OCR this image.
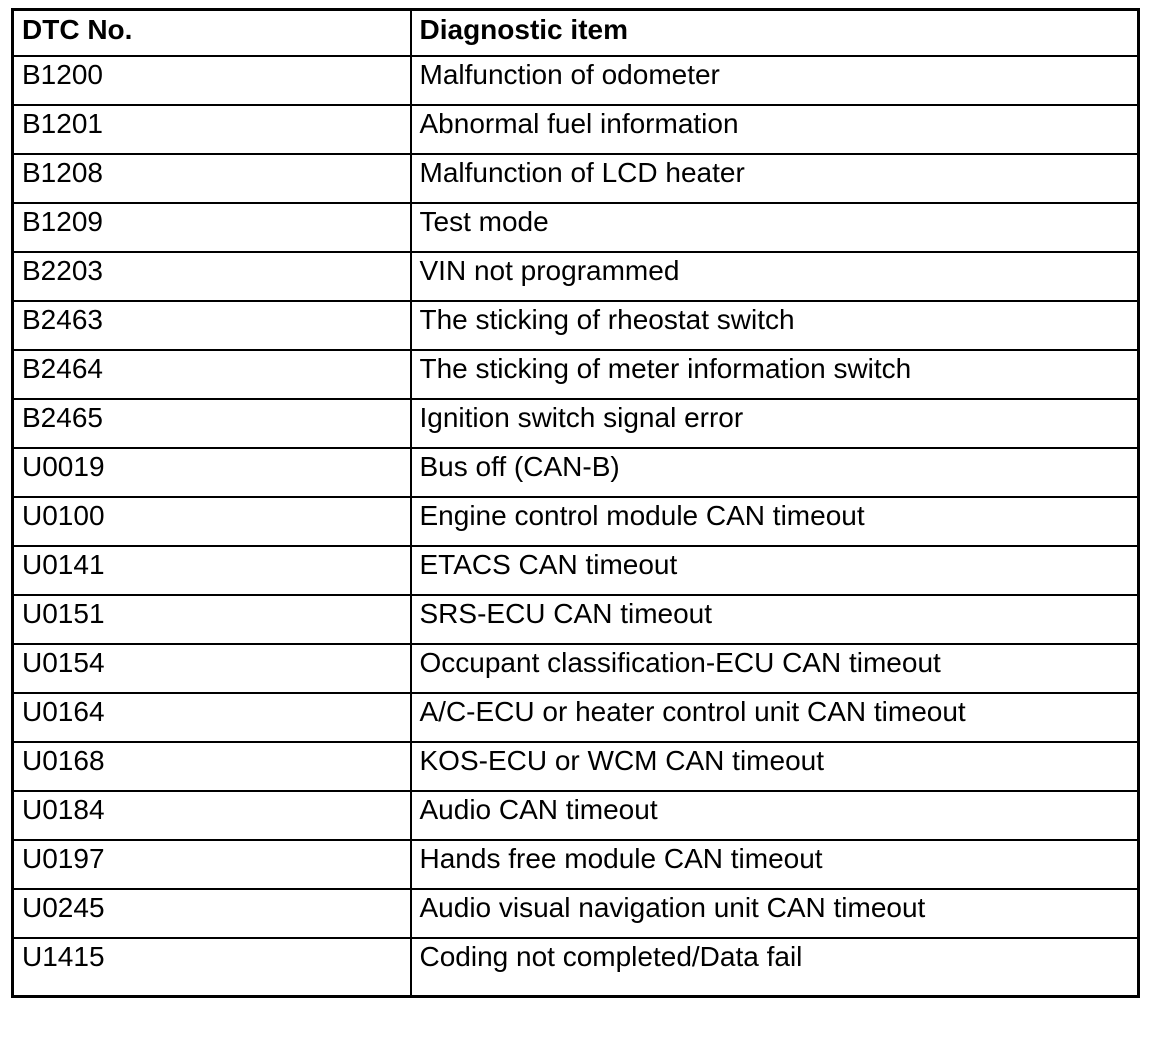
DTC No.	Diagnostic item
B1200	Malfunction of odometer
B1201	Abnormal fuel information
B1208	Malfunction of LCD heater
B1209	Test mode
B2203	VIN not programmed
B2463	The sticking of rheostat switch
B2464	The sticking of meter information switch
B2465	Ignition switch signal error
U0019	Bus off (CAN-B)
U0100	Engine control module CAN timeout
U0141	ETACS CAN timeout
U0151	SRS-ECU CAN timeout
U0154	Occupant classification-ECU CAN timeout
U0164	A/C-ECU or heater control unit CAN timeout
U0168	KOS-ECU or WCM CAN timeout
U0184	Audio CAN timeout
U0197	Hands free module CAN timeout
U0245	Audio visual navigation unit CAN timeout
U1415	Coding not completed/Data fail
